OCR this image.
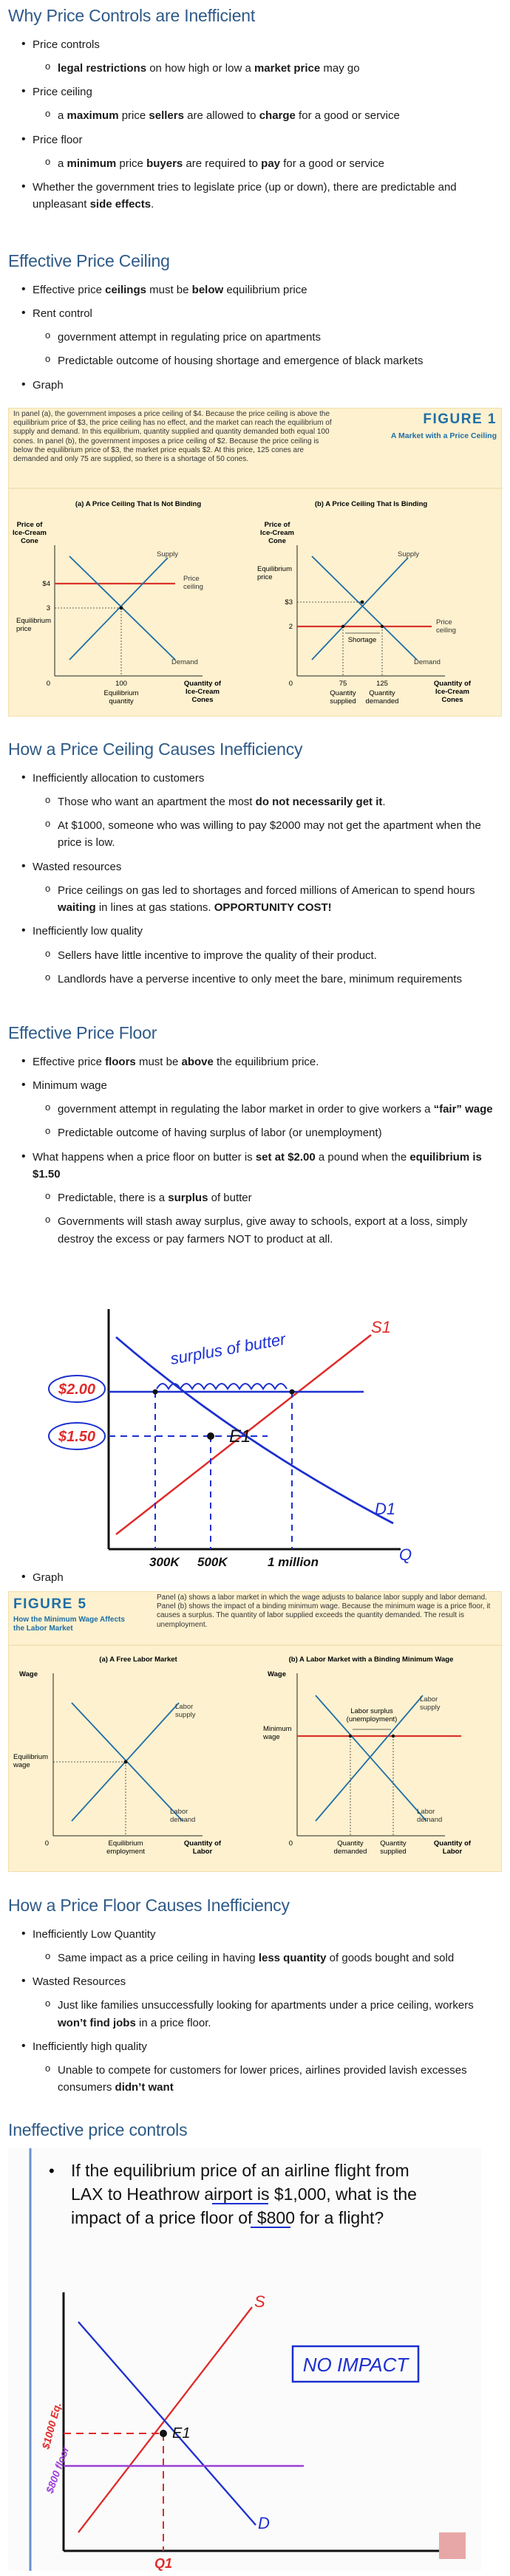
Why Price Controls are Inefficient
• Price controls
o legal restrictions on how high or low a market price may go
• Price ceiling
o a maximum price sellers are allowed to charge for a good or service
• Price floor
o a minimum price buyers are required to pay for a good or service
• Whether the government tries to legislate price (up or down), there are predictable and unpleasant side effects.
Effective Price Ceiling
• Effective price ceilings must be below equilibrium price
• Rent control
o government attempt in regulating price on apartments
o Predictable outcome of housing shortage and emergence of black markets
• Graph
In panel (a), the government imposes a price ceiling of $4. Because the price ceiling is above the equilibrium price of $3, the price ceiling has no effect, and the market can reach the equilibrium of supply and demand. In this equilibrium, quantity supplied and quantity demanded both equal 100 cones. In panel (b), the government imposes a price ceiling of $2. Because the price ceiling is below the equilibrium price of $3, the market price equals $2. At this price, 125 cones are demanded and only 75 are supplied, so there is a shortage of 50 cones.
FIGURE 1
A Market with a Price Ceiling
(a) A Price Ceiling That Is Not Binding
Price of Ice-Cream Cone
Supply
Demand
Price ceiling
$4
3
Equilibrium price
0	100
Equilibrium quantity
Quantity of Ice-Cream Cones
(b) A Price Ceiling That Is Binding
Price of Ice-Cream Cone
Shortage
Supply
Demand
Price ceiling
Equilibrium price
$3
2
0	75	125
Quantity supplied
Quantity demanded
Quantity of Ice-Cream Cones
How a Price Ceiling Causes Inefficiency
• Inefficiently allocation to customers
o Those who want an apartment the most do not necessarily get it.
o At $1000, someone who was willing to pay $2000 may not get the apartment when the price is low.
• Wasted resources
o Price ceilings on gas led to shortages and forced millions of American to spend hours waiting in lines at gas stations. OPPORTUNITY COST!
• Inefficiently low quality
o Sellers have little incentive to improve the quality of their product.
o Landlords have a perverse incentive to only meet the bare, minimum requirements
Effective Price Floor
• Effective price floors must be above the equilibrium price.
• Minimum wage
o government attempt in regulating the labor market in order to give workers a “fair” wage
o Predictable outcome of having surplus of labor (or unemployment)
• What happens when a price floor on butter is set at $2.00 a pound when the equilibrium is $1.50
o Predictable, there is a surplus of butter
o Governments will stash away surplus, give away to schools, export at a loss, simply destroy the excess or pay farmers NOT to product at all.
surplus of butter
S1
D1
E1
$2.00
$1.50
300K 500K	1 million	Q
• Graph
FIGURE 5
How the Minimum Wage Affects the Labor Market
Panel (a) shows a labor market in which the wage adjusts to balance labor supply and labor demand. Panel (b) shows the impact of a binding minimum wage. Because the minimum wage is a price floor, it causes a surplus. The quantity of labor supplied exceeds the quantity demanded. The result is unemployment.
(a) A Free Labor Market
Wage
Labor supply
Labor demand
Equilibrium wage
0	Equilibrium employment
Quantity of Labor
(b) A Labor Market with a Binding Minimum Wage
Wage
Labor surplus (unemployment)
Labor supply
Labor demand
Minimum wage
0	Quantity demanded
Quantity supplied
Quantity of Labor
How a Price Floor Causes Inefficiency
• Inefficiently Low Quantity
o Same impact as a price ceiling in having less quantity of goods bought and sold
• Wasted Resources
o Just like families unsuccessfully looking for apartments under a price ceiling, workers won’t find jobs in a price floor.
• Inefficiently high quality
o Unable to compete for customers for lower prices, airlines provided lavish excesses consumers didn’t want
Ineffective price controls
• If the equilibrium price of an airline flight from
LAX to Heathrow airport is $1,000, what is the
impact of a price floor of $800 for a flight?
S
D
E1
$1000 Eq.
$800 floor
Q1
NO IMPACT
